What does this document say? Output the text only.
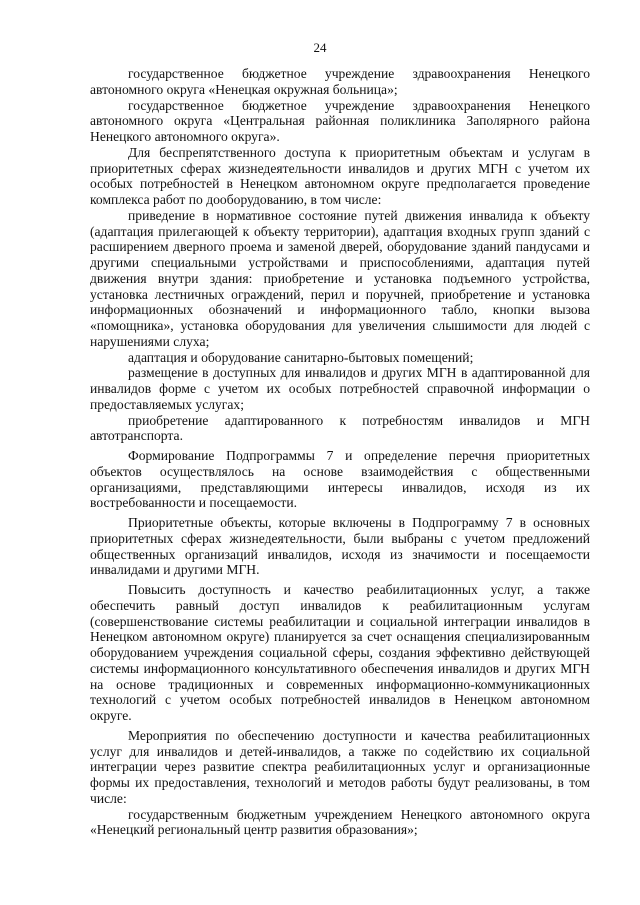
24

государственное бюджетное учреждение здравоохранения Ненецкого автономного округа «Ненецкая окружная больница»;

государственное бюджетное учреждение здравоохранения Ненецкого автономного округа «Центральная районная поликлиника Заполярного района Ненецкого автономного округа».

Для беспрепятственного доступа к приоритетным объектам и услугам в приоритетных сферах жизнедеятельности инвалидов и других МГН с учетом их особых потребностей в Ненецком автономном округе предполагается проведение комплекса работ по дооборудованию, в том числе:

приведение в нормативное состояние путей движения инвалида к объекту (адаптация прилегающей к объекту территории), адаптация входных групп зданий с расширением дверного проема и заменой дверей, оборудование зданий пандусами и другими специальными устройствами и приспособлениями, адаптация путей движения внутри здания: приобретение и установка подъемного устройства, установка лестничных ограждений, перил и поручней, приобретение и установка информационных обозначений и информационного табло, кнопки вызова «помощника», установка оборудования для увеличения слышимости для людей с нарушениями слуха;

адаптация и оборудование санитарно-бытовых помещений;

размещение в доступных для инвалидов и других МГН в адаптированной для инвалидов форме с учетом их особых потребностей справочной информации о предоставляемых услугах;

приобретение адаптированного к потребностям инвалидов и МГН автотранспорта.

Формирование Подпрограммы 7 и определение перечня приоритетных объектов осуществлялось на основе взаимодействия с общественными организациями, представляющими интересы инвалидов, исходя из их востребованности и посещаемости.

Приоритетные объекты, которые включены в Подпрограмму 7 в основных приоритетных сферах жизнедеятельности, были выбраны с учетом предложений общественных организаций инвалидов, исходя из значимости и посещаемости инвалидами и другими МГН.

Повысить доступность и качество реабилитационных услуг, а также обеспечить равный доступ инвалидов к реабилитационным услугам (совершенствование системы реабилитации и социальной интеграции инвалидов в Ненецком автономном округе) планируется за счет оснащения специализированным оборудованием учреждения социальной сферы, создания эффективно действующей системы информационного консультативного обеспечения инвалидов и других МГН на основе традиционных и современных информационно-коммуникационных технологий с учетом особых потребностей инвалидов в Ненецком автономном округе.

Мероприятия по обеспечению доступности и качества реабилитационных услуг для инвалидов и детей-инвалидов, а также по содействию их социальной интеграции через развитие спектра реабилитационных услуг и организационные формы их предоставления, технологий и методов работы будут реализованы, в том числе:

государственным бюджетным учреждением Ненецкого автономного округа «Ненецкий региональный центр развития образования»;
